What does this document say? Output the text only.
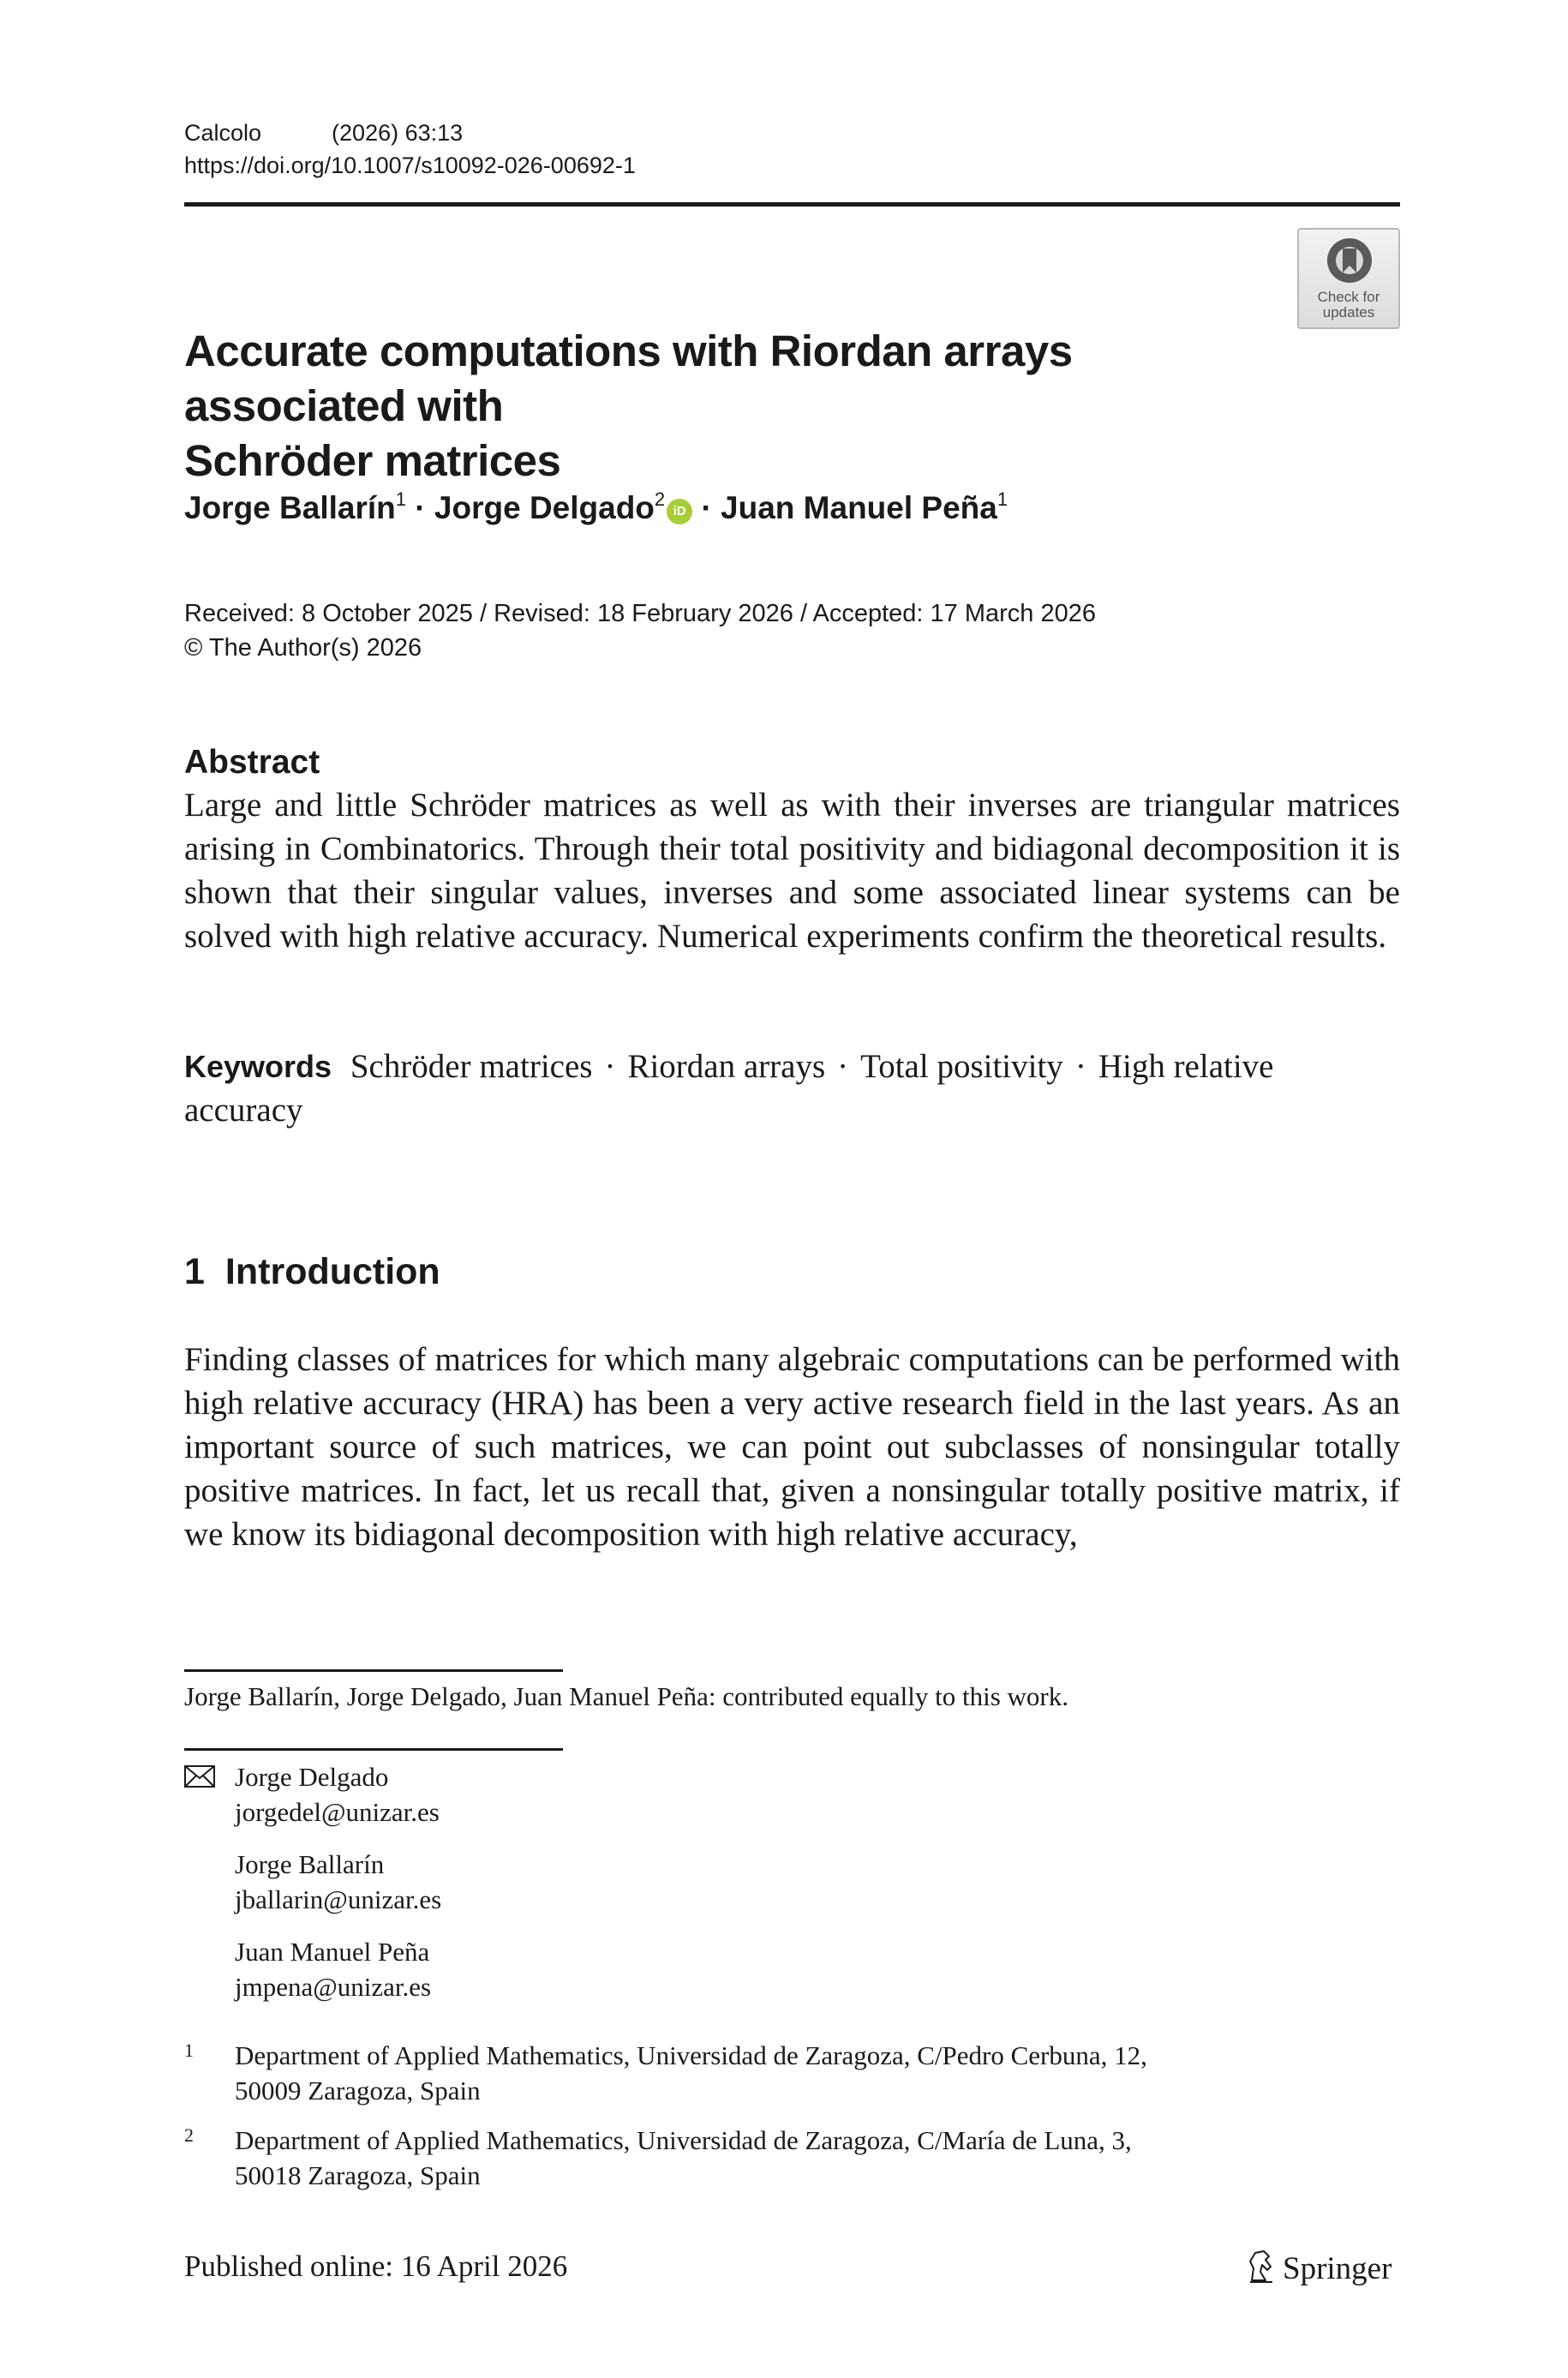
Calcolo	(2026) 63:13
https://doi.org/10.1007/s10092-026-00692-1
Check for
updates
Accurate computations with Riordan arrays associated with
Schröder matrices
Jorge Ballarín$^1$ · Jorge Delgado$^2$iD · Juan Manuel Peña$^1$
Received: 8 October 2025 / Revised: 18 February 2026 / Accepted: 17 March 2026
© The Author(s) 2026
Abstract
Large and little Schröder matrices as well as with their inverses are triangular matrices arising in Combinatorics. Through their total positivity and bidiagonal decomposition it is shown that their singular values, inverses and some associated linear systems can be solved with high relative accuracy. Numerical experiments confirm the theoretical results.
Keywords Schröder matrices · Riordan arrays · Total positivity · High relative accuracy
1 Introduction
Finding classes of matrices for which many algebraic computations can be performed with high relative accuracy (HRA) has been a very active research field in the last years. As an important source of such matrices, we can point out subclasses of nonsingular totally positive matrices. In fact, let us recall that, given a nonsingular totally positive matrix, if we know its bidiagonal decomposition with high relative accuracy,
Jorge Ballarín, Jorge Delgado, Juan Manuel Peña: contributed equally to this work.
Jorge Delgado
jorgedel@unizar.es
Jorge Ballarín
jballarin@unizar.es
Juan Manuel Peña
jmpena@unizar.es
1 Department of Applied Mathematics, Universidad de Zaragoza, C/Pedro Cerbuna, 12,
50009 Zaragoza, Spain
2 Department of Applied Mathematics, Universidad de Zaragoza, C/María de Luna, 3,
50018 Zaragoza, Spain
Published online: 16 April 2026	Springer
